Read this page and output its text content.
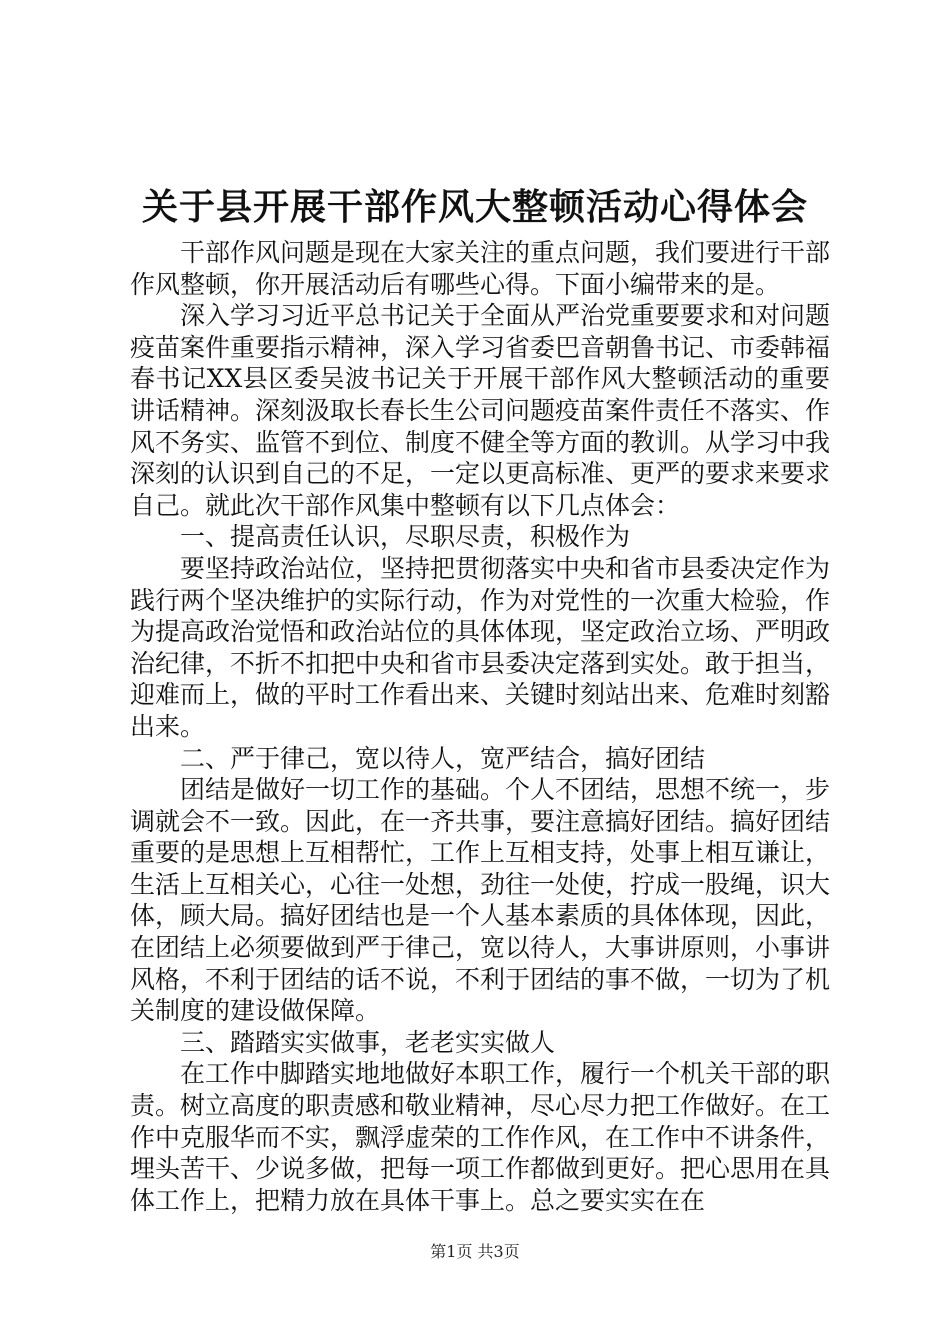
关于县开展干部作风大整顿活动心得体会

干部作风问题是现在大家关注的重点问题，我们要进行干部作风整顿，你开展活动后有哪些心得。下面小编带来的是。

深入学习习近平总书记关于全面从严治党重要要求和对问题疫苗案件重要指示精神，深入学习省委巴音朝鲁书记、市委韩福春书记XX县区委吴波书记关于开展干部作风大整顿活动的重要讲话精神。深刻汲取长春长生公司问题疫苗案件责任不落实、作风不务实、监管不到位、制度不健全等方面的教训。从学习中我深刻的认识到自己的不足，一定以更高标准、更严的要求来要求自己。就此次干部作风集中整顿有以下几点体会：

一、提高责任认识，尽职尽责，积极作为

要坚持政治站位，坚持把贯彻落实中央和省市县委决定作为践行两个坚决维护的实际行动，作为对党性的一次重大检验，作为提高政治觉悟和政治站位的具体体现，坚定政治立场、严明政治纪律，不折不扣把中央和省市县委决定落到实处。敢于担当，迎难而上，做的平时工作看出来、关键时刻站出来、危难时刻豁出来。

二、严于律己，宽以待人，宽严结合，搞好团结

团结是做好一切工作的基础。个人不团结，思想不统一，步调就会不一致。因此，在一齐共事，要注意搞好团结。搞好团结重要的是思想上互相帮忙，工作上互相支持，处事上相互谦让，生活上互相关心，心往一处想，劲往一处使，拧成一股绳，识大体，顾大局。搞好团结也是一个人基本素质的具体体现，因此，在团结上必须要做到严于律己，宽以待人，大事讲原则，小事讲风格，不利于团结的话不说，不利于团结的事不做，一切为了机关制度的建设做保障。

三、踏踏实实做事，老老实实做人

在工作中脚踏实地地做好本职工作，履行一个机关干部的职责。树立高度的职责感和敬业精神，尽心尽力把工作做好。在工作中克服华而不实，飘浮虚荣的工作作风，在工作中不讲条件，埋头苦干、少说多做，把每一项工作都做到更好。把心思用在具体工作上，把精力放在具体干事上。总之要实实在在

第1页 共3页
